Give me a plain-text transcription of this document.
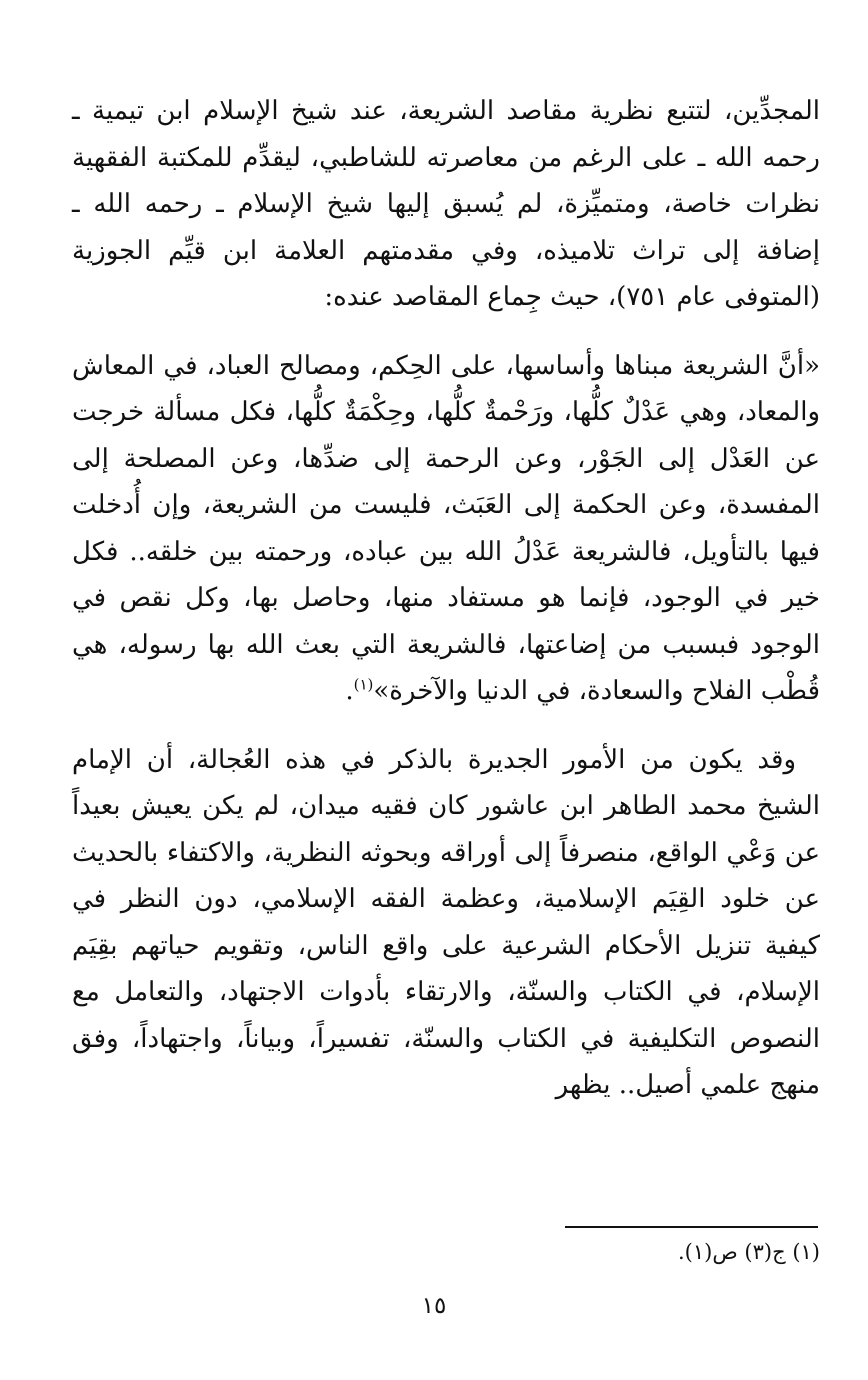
المجدِّين، لتتبع نظرية مقاصد الشريعة، عند شيخ الإسلام ابن تيمية ـ رحمه الله ـ على الرغم من معاصرته للشاطبي، ليقدِّم للمكتبة الفقهية نظرات خاصة، ومتميِّزة، لم يُسبق إليها شيخ الإسلام ـ رحمه الله ـ إضافة إلى تراث تلاميذه، وفي مقدمتهم العلامة ابن قيِّم الجوزية (المتوفى عام ٧٥١)، حيث جِماع المقاصد عنده:

«أنَّ الشريعة مبناها وأساسها، على الحِكم، ومصالح العباد، في المعاش والمعاد، وهي عَدْلٌ كلُّها، ورَحْمةٌ كلُّها، وحِكْمَةٌ كلُّها، فكل مسألة خرجت عن العَدْل إلى الجَوْر، وعن الرحمة إلى ضدِّها، وعن المصلحة إلى المفسدة، وعن الحكمة إلى العَبَث، فليست من الشريعة، وإن أُدخلت فيها بالتأويل، فالشريعة عَدْلُ الله بين عباده، ورحمته بين خلقه.. فكل خير في الوجود، فإنما هو مستفاد منها، وحاصل بها، وكل نقص في الوجود فبسبب من إضاعتها، فالشريعة التي بعث الله بها رسوله، هي قُطْب الفلاح والسعادة، في الدنيا والآخرة»$^{(١)}$.

وقد يكون من الأمور الجديرة بالذكر في هذه العُجالة، أن الإمام الشيخ محمد الطاهر ابن عاشور كان فقيه ميدان، لم يكن يعيش بعيداً عن وَعْي الواقع، منصرفاً إلى أوراقه وبحوثه النظرية، والاكتفاء بالحديث عن خلود القِيَم الإسلامية، وعظمة الفقه الإسلامي، دون النظر في كيفية تنزيل الأحكام الشرعية على واقع الناس، وتقويم حياتهم بقِيَم الإسلام، في الكتاب والسنّة، والارتقاء بأدوات الاجتهاد، والتعامل مع النصوص التكليفية في الكتاب والسنّة، تفسيراً، وبياناً، واجتهاداً، وفق منهج علمي أصيل.. يظهر

(١) ج(٣) ص(١).
١٥
